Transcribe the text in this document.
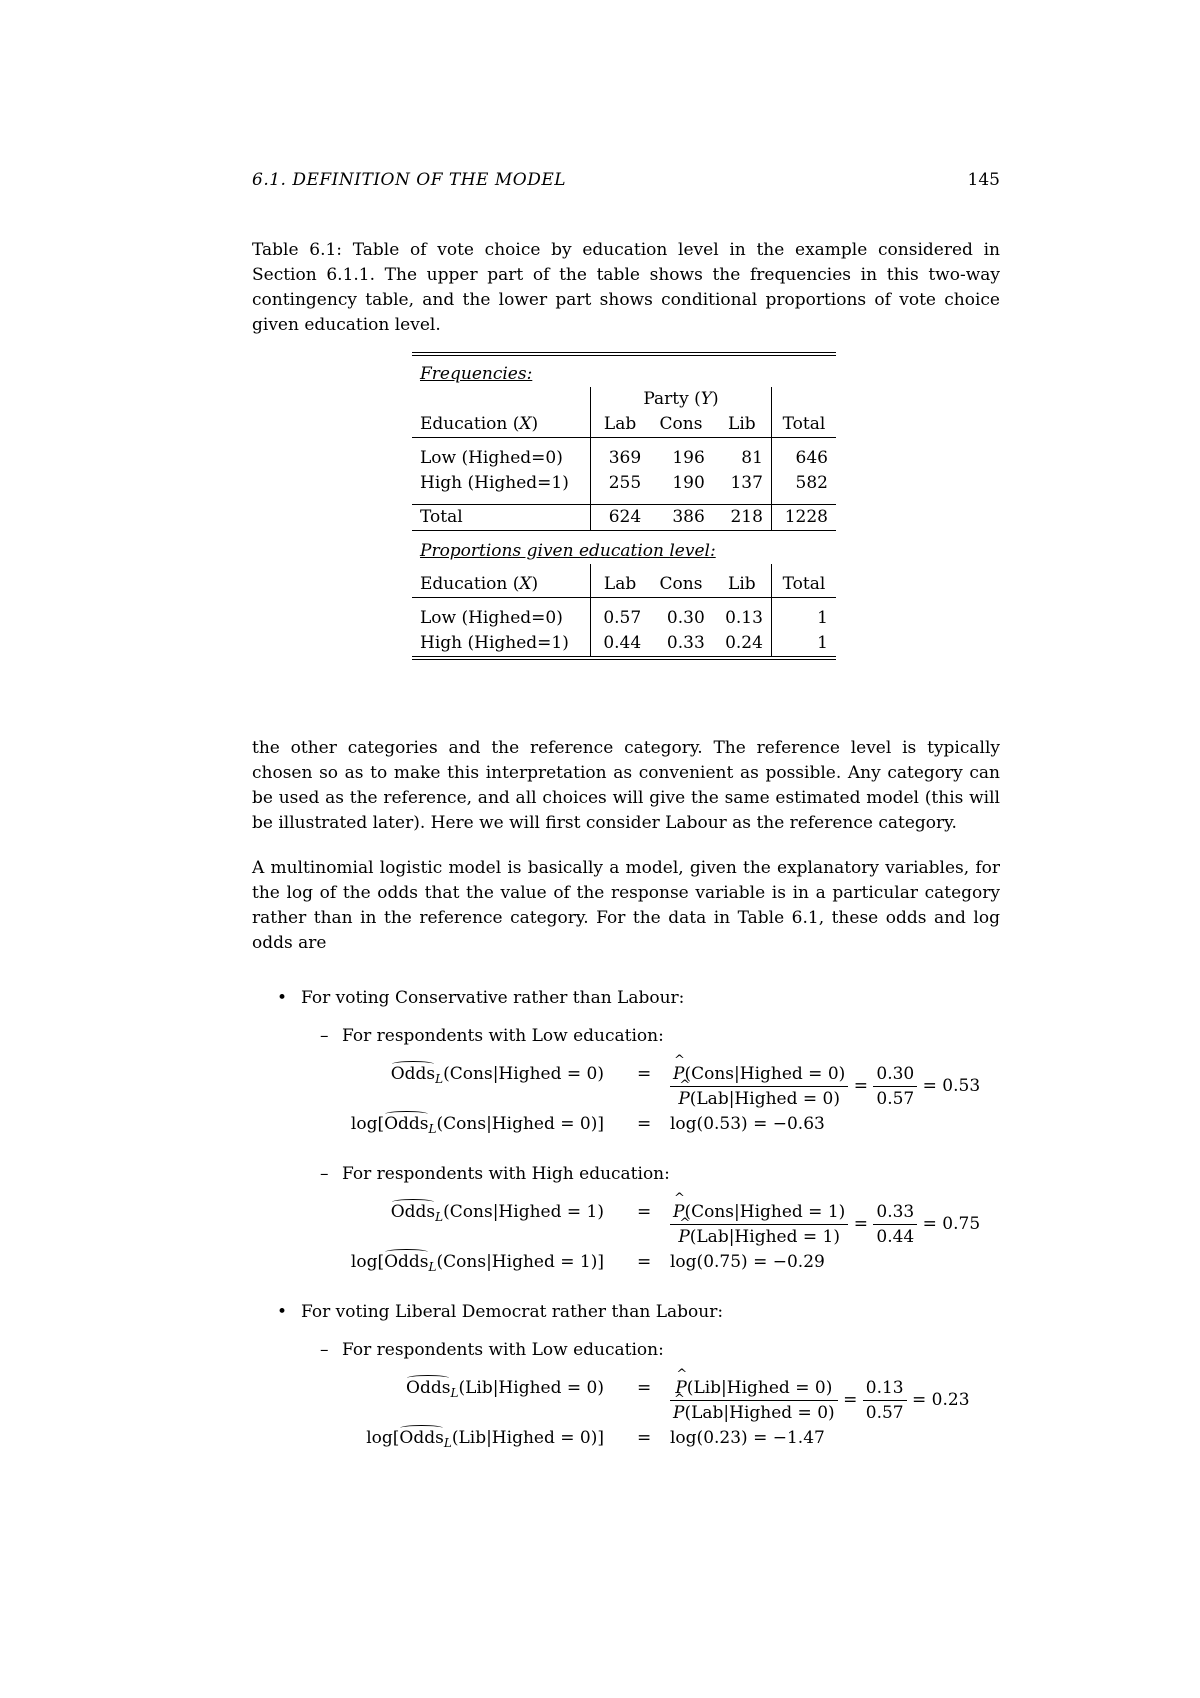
6.1. DEFINITION OF THE MODEL	145
Table 6.1: Table of vote choice by education level in the example considered in Section 6.1.1. The upper part of the table shows the frequencies in this two-way contingency table, and the lower part shows conditional proportions of vote choice given education level.

Frequencies:				
	Party (Y)			
Education (X)	Lab	Cons	Lib	Total

Low (Highed=0)	369	196	81	646
High (Highed=1)	255	190	137	582

Total	624	386	218	1228

Proportions given education level:				

Education (X)	Lab	Cons	Lib	Total

Low (Highed=0)	0.57	0.30	0.13	1
High (Highed=1)	0.44	0.33	0.24	1
the other categories and the reference category. The reference level is typically chosen so as to make this interpretation as convenient as possible. Any category can be used as the reference, and all choices will give the same estimated model (this will be illustrated later). Here we will first consider Labour as the reference category.
A multinomial logistic model is basically a model, given the explanatory variables, for the log of the odds that the value of the response variable is in a particular category rather than in the reference category. For the data in Table 6.1, these odds and log odds are
• For voting Conservative rather than Labour:
– For respondents with Low education:
Odds$_L$(Cons|Highed = 0) = ^ P(Cons|Highed = 0)
^ P(Lab|Highed = $0) = \frac{0.30}{0.57} = 0.53$
log[Odds$_L$(Cons|Highed = 0)] = log(0.53) = −0.63
– For respondents with High education:
Odds$_L$(Cons|Highed = 1) = ^ P(Cons|Highed = 1)
^ P(Lab|Highed = $1) = \frac{0.33}{0.44} = 0.75$
log[Odds$_L$(Cons|Highed = 1)] = log(0.75) = −0.29
• For voting Liberal Democrat rather than Labour:
– For respondents with Low education:
Odds$_L$(Lib|Highed = 0) = ^ P(Lib|Highed = 0)
^ P(Lab|Highed = $0) = \frac{0.13}{0.57} = 0.23$
log[Odds$_L$(Lib|Highed = 0)] = log(0.23) = −1.47
